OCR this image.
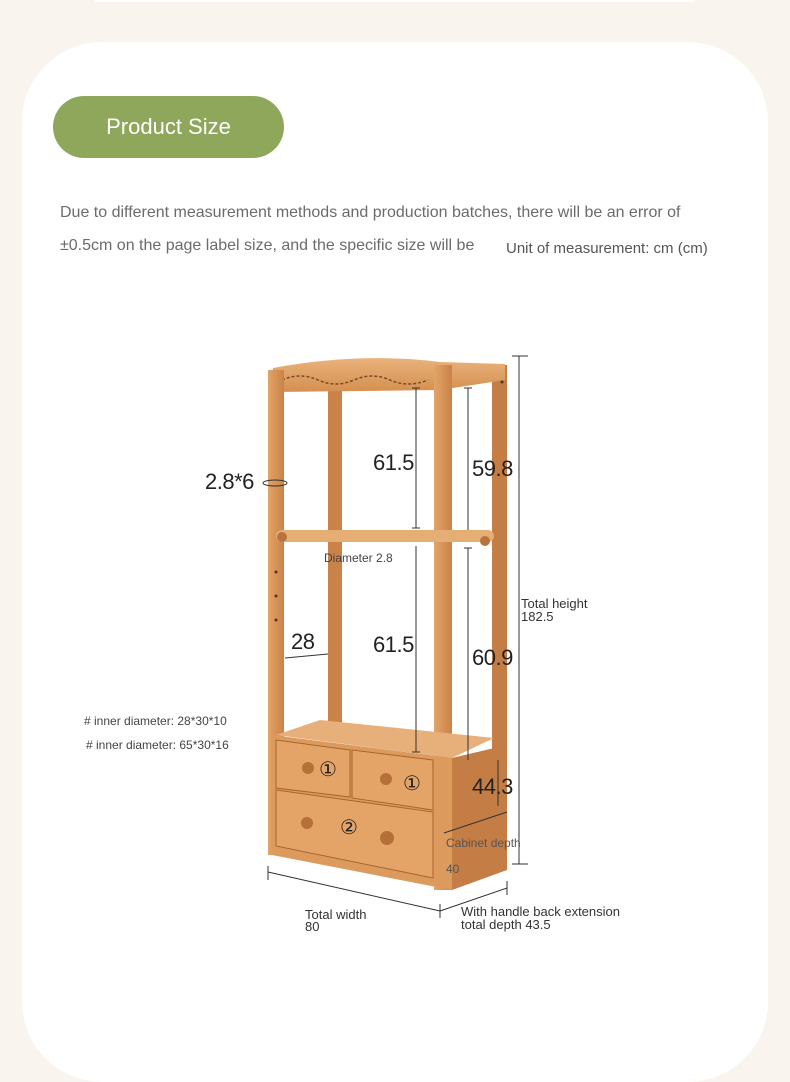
Product Size
Due to different measurement methods and production batches, there will be an error of
±0.5cm on the page label size, and the specific size will be Unit of measurement: cm (cm)
2.8*6
61.5	59.8
Diameter 2.8
Total height
182.5
28	61.5
60.9
# inner diameter: 28*30*10
# inner diameter: 65*30*16
①
①
②
44.3
Cabinet depth
40
Total width
80
With handle back extension
total depth 43.5
